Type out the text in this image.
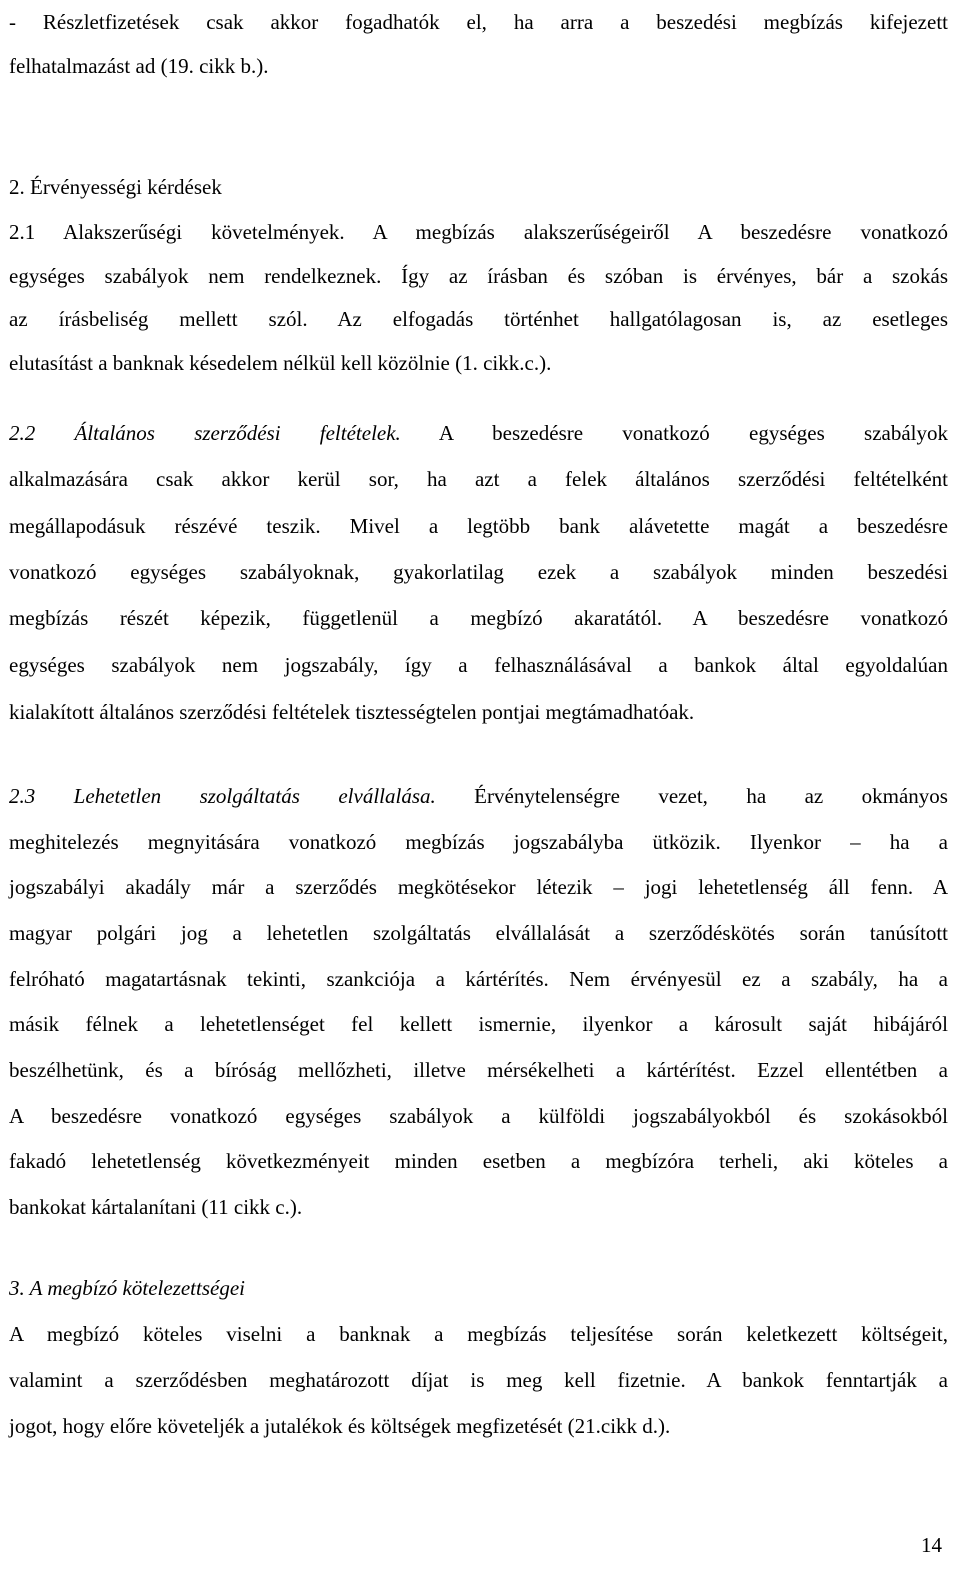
- Részletfizetések csak akkor fogadhatók el, ha arra a beszedési megbízás kifejezett
felhatalmazást ad (19. cikk b.).
2. Érvényességi kérdések
2.1 Alakszerűségi követelmények. A megbízás alakszerűségeiről A beszedésre vonatkozó
egységes szabályok nem rendelkeznek. Így az írásban és szóban is érvényes, bár a szokás
az írásbeliség mellett szól. Az elfogadás történhet hallgatólagosan is, az esetleges
elutasítást a banknak késedelem nélkül kell közölnie (1. cikk.c.).
2.2 Általános szerződési feltételek. A beszedésre vonatkozó egységes szabályok
alkalmazására csak akkor kerül sor, ha azt a felek általános szerződési feltételként
megállapodásuk részévé teszik. Mivel a legtöbb bank alávetette magát a beszedésre
vonatkozó egységes szabályoknak, gyakorlatilag ezek a szabályok minden beszedési
megbízás részét képezik, függetlenül a megbízó akaratától. A beszedésre vonatkozó
egységes szabályok nem jogszabály, így a felhasználásával a bankok által egyoldalúan
kialakított általános szerződési feltételek tisztességtelen pontjai megtámadhatóak.
2.3 Lehetetlen szolgáltatás elvállalása. Érvénytelenségre vezet, ha az okmányos
meghitelezés megnyitására vonatkozó megbízás jogszabályba ütközik. Ilyenkor – ha a
jogszabályi akadály már a szerződés megkötésekor létezik – jogi lehetetlenség áll fenn. A
magyar polgári jog a lehetetlen szolgáltatás elvállalását a szerződéskötés során tanúsított
felróható magatartásnak tekinti, szankciója a kártérítés. Nem érvényesül ez a szabály, ha a
másik félnek a lehetetlenséget fel kellett ismernie, ilyenkor a károsult saját hibájáról
beszélhetünk, és a bíróság mellőzheti, illetve mérsékelheti a kártérítést. Ezzel ellentétben a
A beszedésre vonatkozó egységes szabályok a külföldi jogszabályokból és szokásokból
fakadó lehetetlenség következményeit minden esetben a megbízóra terheli, aki köteles a
bankokat kártalanítani (11 cikk c.).
3. A megbízó kötelezettségei
A megbízó köteles viselni a banknak a megbízás teljesítése során keletkezett költségeit,
valamint a szerződésben meghatározott díjat is meg kell fizetnie. A bankok fenntartják a
jogot, hogy előre követeljék a jutalékok és költségek megfizetését (21.cikk d.).
14
